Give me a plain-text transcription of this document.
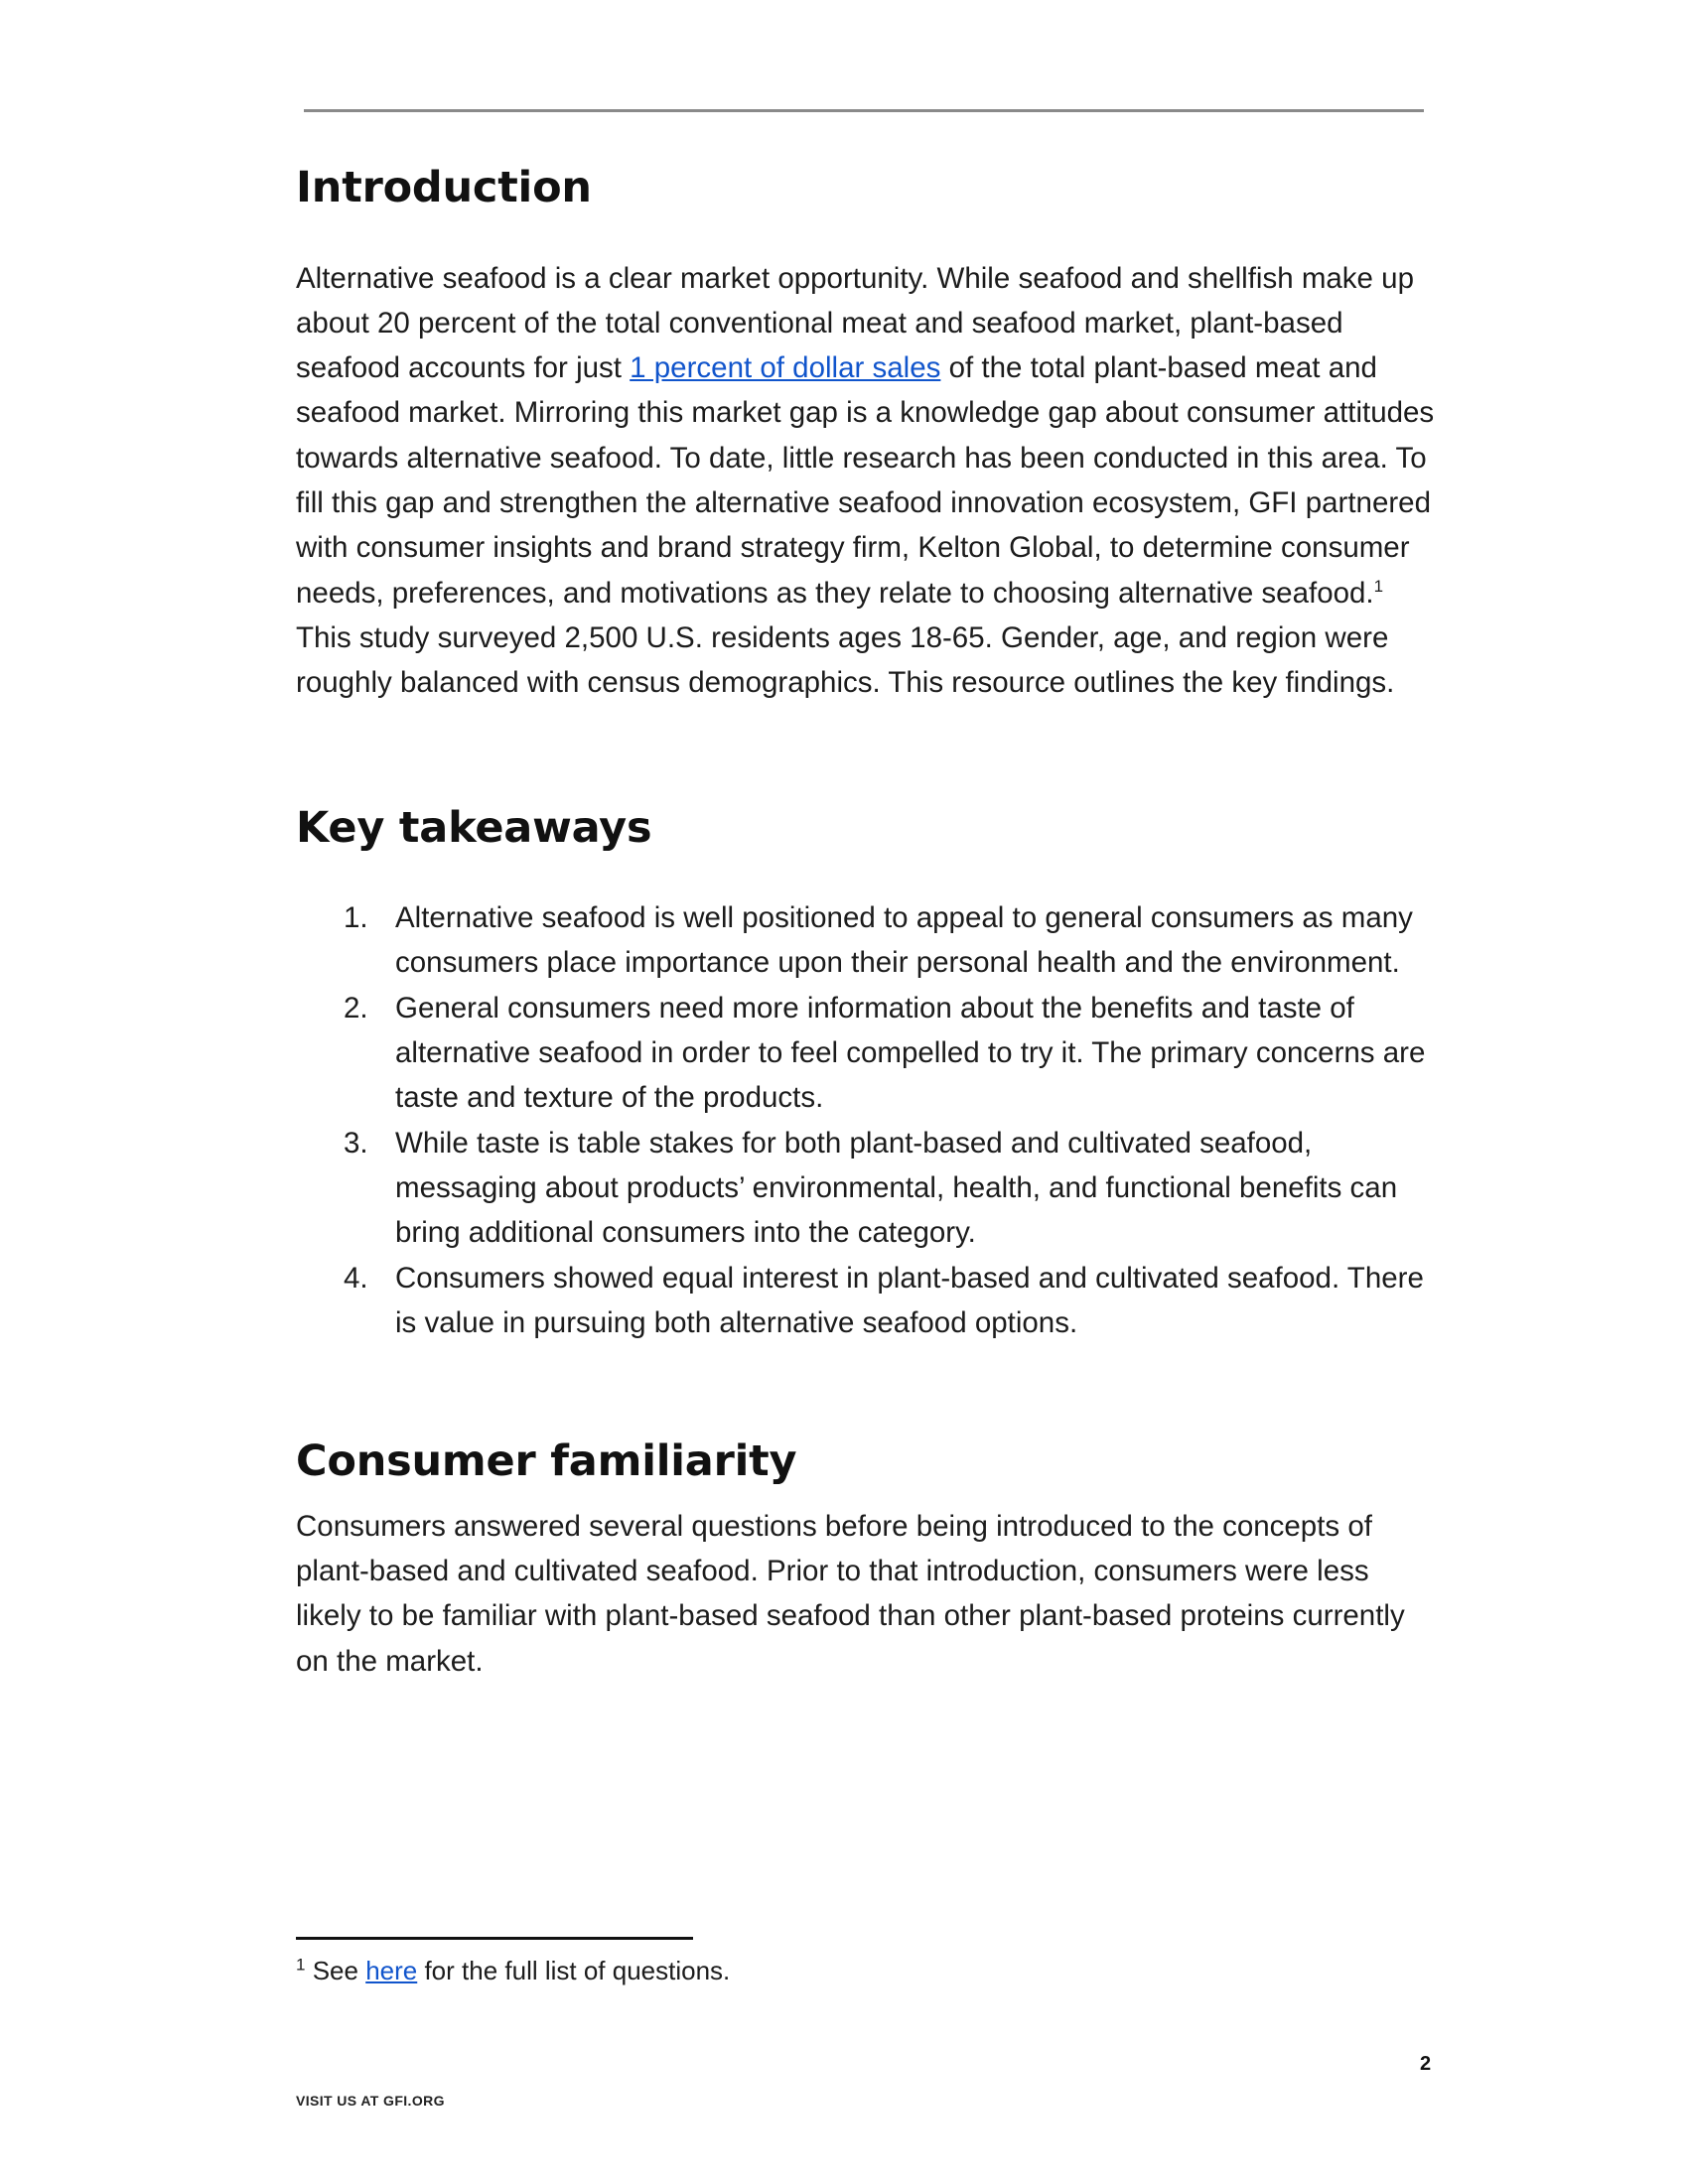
Introduction

Alternative seafood is a clear market opportunity. While seafood and shellfish make up about 20 percent of the total conventional meat and seafood market, plant-based seafood accounts for just 1 percent of dollar sales of the total plant-based meat and seafood market. Mirroring this market gap is a knowledge gap about consumer attitudes towards alternative seafood. To date, little research has been conducted in this area. To fill this gap and strengthen the alternative seafood innovation ecosystem, GFI partnered with consumer insights and brand strategy firm, Kelton Global, to determine consumer needs, preferences, and motivations as they relate to choosing alternative seafood.$^1$ This study surveyed 2,500 U.S. residents ages 18-65. Gender, age, and region were roughly balanced with census demographics. This resource outlines the key findings.

Key takeaways
1. Alternative seafood is well positioned to appeal to general consumers as many consumers place importance upon their personal health and the environment.
2. General consumers need more information about the benefits and taste of alternative seafood in order to feel compelled to try it. The primary concerns are taste and texture of the products.
3. While taste is table stakes for both plant-based and cultivated seafood, messaging about products’ environmental, health, and functional benefits can bring additional consumers into the category.
4. Consumers showed equal interest in plant-based and cultivated seafood. There is value in pursuing both alternative seafood options.
Consumer familiarity

Consumers answered several questions before being introduced to the concepts of plant-based and cultivated seafood. Prior to that introduction, consumers were less likely to be familiar with plant-based seafood than other plant-based proteins currently on the market.

$^1$ See here for the full list of questions.
2
VISIT US AT GFI.ORG
